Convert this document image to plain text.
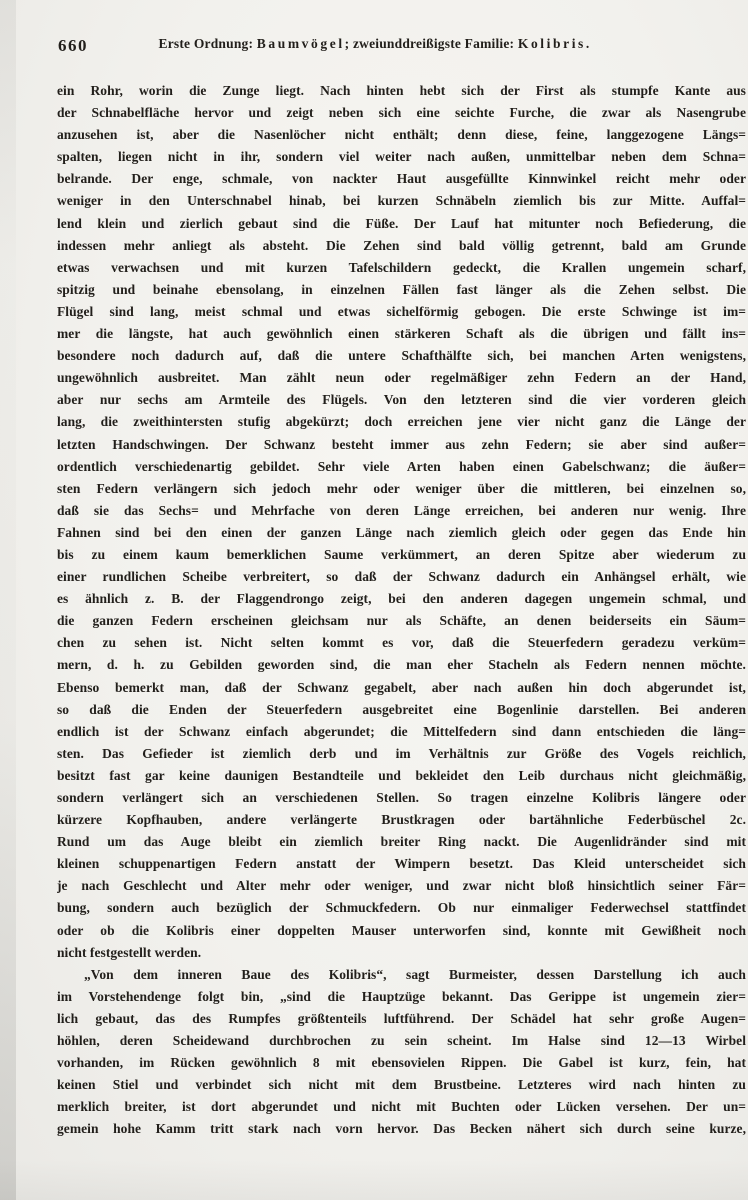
660	Erste Ordnung: Baumvögel; zweiunddreißigste Familie: Kolibris.
ein Rohr, worin die Zunge liegt. Nach hinten hebt sich der First als stumpfe Kante aus
der Schnabelfläche hervor und zeigt neben sich eine seichte Furche, die zwar als Nasengrube
anzusehen ist, aber die Nasenlöcher nicht enthält; denn diese, feine, langgezogene Längs=
spalten, liegen nicht in ihr, sondern viel weiter nach außen, unmittelbar neben dem Schna=
belrande. Der enge, schmale, von nackter Haut ausgefüllte Kinnwinkel reicht mehr oder
weniger in den Unterschnabel hinab, bei kurzen Schnäbeln ziemlich bis zur Mitte. Auffal=
lend klein und zierlich gebaut sind die Füße. Der Lauf hat mitunter noch Befiederung, die
indessen mehr anliegt als absteht. Die Zehen sind bald völlig getrennt, bald am Grunde
etwas verwachsen und mit kurzen Tafelschildern gedeckt, die Krallen ungemein scharf,
spitzig und beinahe ebensolang, in einzelnen Fällen fast länger als die Zehen selbst. Die
Flügel sind lang, meist schmal und etwas sichelförmig gebogen. Die erste Schwinge ist im=
mer die längste, hat auch gewöhnlich einen stärkeren Schaft als die übrigen und fällt ins=
besondere noch dadurch auf, daß die untere Schafthälfte sich, bei manchen Arten wenigstens,
ungewöhnlich ausbreitet. Man zählt neun oder regelmäßiger zehn Federn an der Hand,
aber nur sechs am Armteile des Flügels. Von den letzteren sind die vier vorderen gleich
lang, die zweithintersten stufig abgekürzt; doch erreichen jene vier nicht ganz die Länge der
letzten Handschwingen. Der Schwanz besteht immer aus zehn Federn; sie aber sind außer=
ordentlich verschiedenartig gebildet. Sehr viele Arten haben einen Gabelschwanz; die äußer=
sten Federn verlängern sich jedoch mehr oder weniger über die mittleren, bei einzelnen so,
daß sie das Sechs= und Mehrfache von deren Länge erreichen, bei anderen nur wenig. Ihre
Fahnen sind bei den einen der ganzen Länge nach ziemlich gleich oder gegen das Ende hin
bis zu einem kaum bemerklichen Saume verkümmert, an deren Spitze aber wiederum zu
einer rundlichen Scheibe verbreitert, so daß der Schwanz dadurch ein Anhängsel erhält, wie
es ähnlich z. B. der Flaggendrongo zeigt, bei den anderen dagegen ungemein schmal, und
die ganzen Federn erscheinen gleichsam nur als Schäfte, an denen beiderseits ein Säum=
chen zu sehen ist. Nicht selten kommt es vor, daß die Steuerfedern geradezu verküm=
mern, d. h. zu Gebilden geworden sind, die man eher Stacheln als Federn nennen möchte.
Ebenso bemerkt man, daß der Schwanz gegabelt, aber nach außen hin doch abgerundet ist,
so daß die Enden der Steuerfedern ausgebreitet eine Bogenlinie darstellen. Bei anderen
endlich ist der Schwanz einfach abgerundet; die Mittelfedern sind dann entschieden die läng=
sten. Das Gefieder ist ziemlich derb und im Verhältnis zur Größe des Vogels reichlich,
besitzt fast gar keine daunigen Bestandteile und bekleidet den Leib durchaus nicht gleichmäßig,
sondern verlängert sich an verschiedenen Stellen. So tragen einzelne Kolibris längere oder
kürzere Kopfhauben, andere verlängerte Brustkragen oder bartähnliche Federbüschel 2c.
Rund um das Auge bleibt ein ziemlich breiter Ring nackt. Die Augenlidränder sind mit
kleinen schuppenartigen Federn anstatt der Wimpern besetzt. Das Kleid unterscheidet sich
je nach Geschlecht und Alter mehr oder weniger, und zwar nicht bloß hinsichtlich seiner Fär=
bung, sondern auch bezüglich der Schmuckfedern. Ob nur einmaliger Federwechsel stattfindet
oder ob die Kolibris einer doppelten Mauser unterworfen sind, konnte mit Gewißheit noch
nicht festgestellt werden.
„Von dem inneren Baue des Kolibris“, sagt Burmeister, dessen Darstellung ich auch
im Vorstehendenge folgt bin, „sind die Hauptzüge bekannt. Das Gerippe ist ungemein zier=
lich gebaut, das des Rumpfes größtenteils luftführend. Der Schädel hat sehr große Augen=
höhlen, deren Scheidewand durchbrochen zu sein scheint. Im Halse sind 12—13 Wirbel
vorhanden, im Rücken gewöhnlich 8 mit ebensovielen Rippen. Die Gabel ist kurz, fein, hat
keinen Stiel und verbindet sich nicht mit dem Brustbeine. Letzteres wird nach hinten zu
merklich breiter, ist dort abgerundet und nicht mit Buchten oder Lücken versehen. Der un=
gemein hohe Kamm tritt stark nach vorn hervor. Das Becken nähert sich durch seine kurze,
